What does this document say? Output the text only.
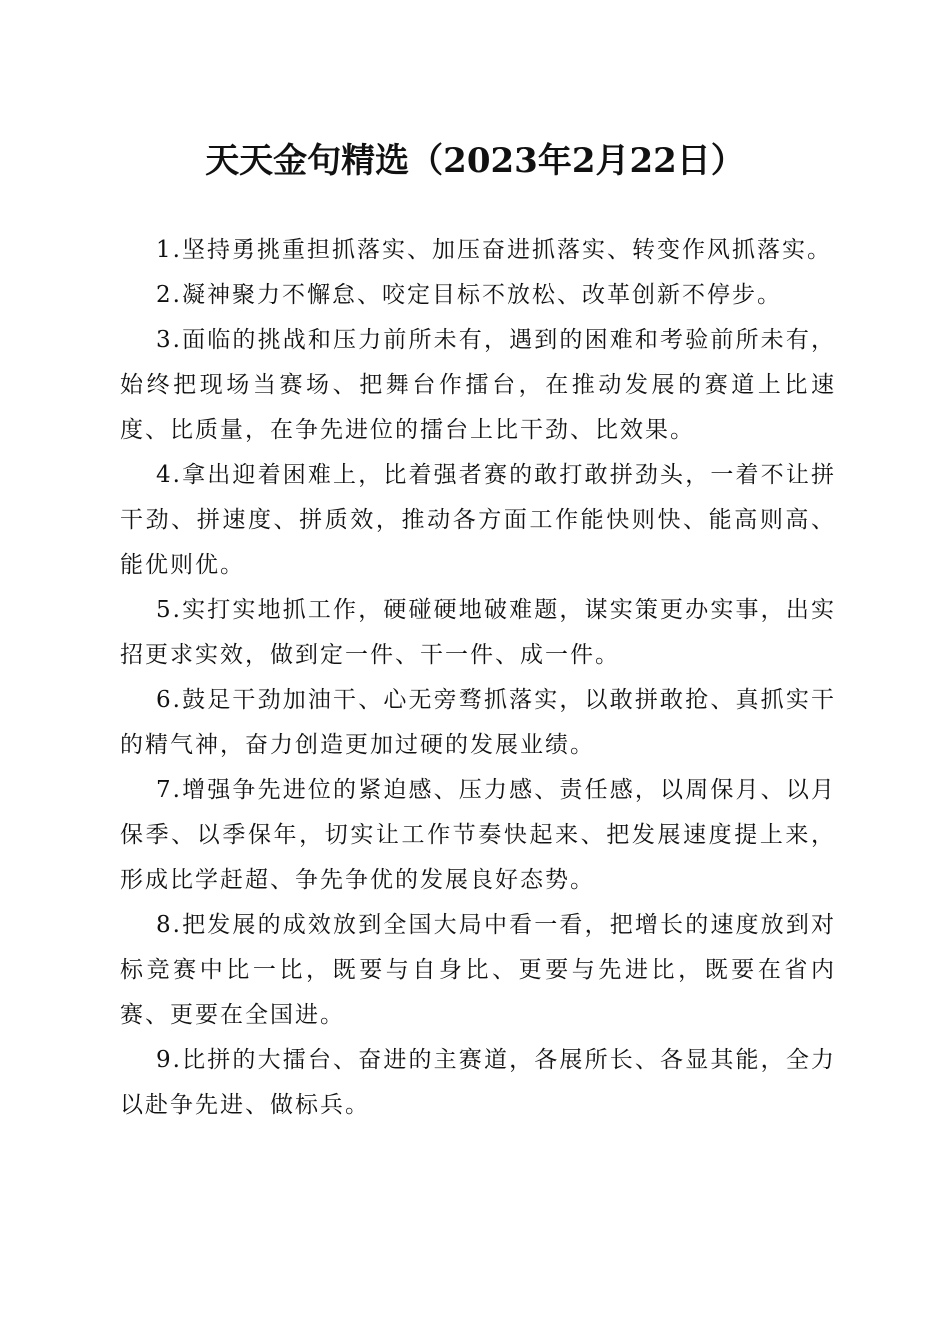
天天金句精选（2023年2月22日）

1.坚持勇挑重担抓落实、加压奋进抓落实、转变作风抓落实。

2.凝神聚力不懈怠、咬定目标不放松、改革创新不停步。

3.面临的挑战和压力前所未有，遇到的困难和考验前所未有，始终把现场当赛场、把舞台作擂台，在推动发展的赛道上比速度、比质量，在争先进位的擂台上比干劲、比效果。

4.拿出迎着困难上，比着强者赛的敢打敢拼劲头，一着不让拼干劲、拼速度、拼质效，推动各方面工作能快则快、能高则高、能优则优。

5.实打实地抓工作，硬碰硬地破难题，谋实策更办实事，出实招更求实效，做到定一件、干一件、成一件。

6.鼓足干劲加油干、心无旁骛抓落实，以敢拼敢抢、真抓实干的精气神，奋力创造更加过硬的发展业绩。

7.增强争先进位的紧迫感、压力感、责任感，以周保月、以月保季、以季保年，切实让工作节奏快起来、把发展速度提上来，形成比学赶超、争先争优的发展良好态势。

8.把发展的成效放到全国大局中看一看，把增长的速度放到对标竞赛中比一比，既要与自身比、更要与先进比，既要在省内赛、更要在全国进。

9.比拼的大擂台、奋进的主赛道，各展所长、各显其能，全力以赴争先进、做标兵。
